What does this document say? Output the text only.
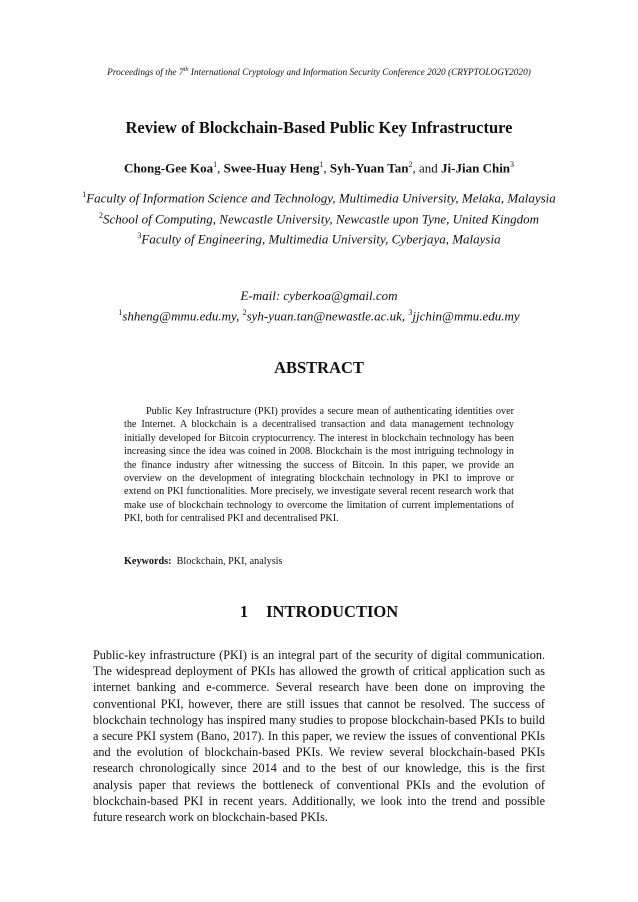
Proceedings of the 7th International Cryptology and Information Security Conference 2020 (CRYPTOLOGY2020)
Review of Blockchain-Based Public Key Infrastructure
Chong-Gee Koa$^1$, Swee-Huay Heng$^1$, Syh-Yuan Tan$^2$, and Ji-Jian Chin$^3$
$^1$Faculty of Information Science and Technology, Multimedia University, Melaka, Malaysia
$^2$School of Computing, Newcastle University, Newcastle upon Tyne, United Kingdom
$^3$Faculty of Engineering, Multimedia University, Cyberjaya, Malaysia
E-mail: cyberkoa@gmail.com
$^1$shheng@mmu.edu.my, $^2$syh-yuan.tan@newastle.ac.uk, $^3$jjchin@mmu.edu.my
ABSTRACT
Public Key Infrastructure (PKI) provides a secure mean of authenticating identities over the Internet. A blockchain is a decentralised transaction and data management technology initially developed for Bitcoin cryptocurrency. The interest in blockchain technology has been increasing since the idea was coined in 2008. Blockchain is the most intriguing technology in the finance industry after witnessing the success of Bitcoin. In this paper, we provide an overview on the development of integrating blockchain technology in PKI to improve or extend on PKI functionalities. More precisely, we investigate several recent research work that make use of blockchain technology to overcome the limitation of current implementations of PKI, both for centralised PKI and decentralised PKI.
Keywords: Blockchain, PKI, analysis
1 INTRODUCTION
Public-key infrastructure (PKI) is an integral part of the security of digital communication. The widespread deployment of PKIs has allowed the growth of critical application such as internet banking and e-commerce. Several research have been done on improving the conventional PKI, however, there are still issues that cannot be resolved. The success of blockchain technology has inspired many studies to propose blockchain-based PKIs to build a secure PKI system (Bano, 2017). In this paper, we review the issues of conventional PKIs and the evolution of blockchain-based PKIs. We review several blockchain-based PKIs research chronologically since 2014 and to the best of our knowledge, this is the first analysis paper that reviews the bottleneck of conventional PKIs and the evolution of blockchain-based PKI in recent years. Additionally, we look into the trend and possible future research work on blockchain-based PKIs.
